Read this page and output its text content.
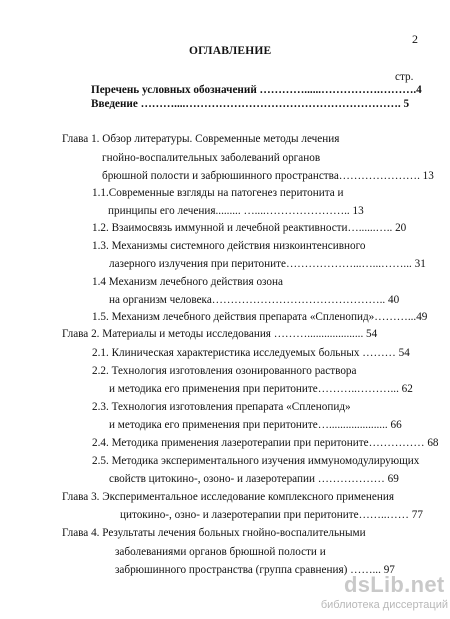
2
ОГЛАВЛЕНИЕ
стр.
Перечень условных обозначений …………......…………….……….4
Введение ………....…………………………………………………. 5
Глава 1. Обзор литературы. Современные методы лечения
гнойно-воспалительных заболеваний органов
брюшной полости и забрюшинного пространства…………………. 13
1.1.Современные взгляды на патогенез перитонита и
принципы его лечения......... …....………………….. 13
1.2. Взаимосвязь иммунной и лечебной реактивности…......….. 20
1.3. Механизмы системного действия низкоинтенсивного
лазерного излучения при перитоните………………...…...……... 31
1.4 Механизм лечебного действия озона
на организм человека……………………………………….. 40
1.5. Механизм лечебного действия препарата «Спленопид»………...49
Глава 2. Материалы и методы исследования ……….................... 54
2.1. Клиническая характеристика исследуемых больных ……… 54
2.2. Технология изготовления озонированного раствора
и методика его применения при перитоните………..………... 62
2.3. Технология изготовления препарата «Спленопид»
и методика его применения при перитоните…..................... 66
2.4. Методика применения лазеротерапии при перитоните…………… 68
2.5. Методика экспериментального изучения иммуномодулирующих
свойств цитокино-, озоно- и лазеротерапии ……………… 69
Глава 3. Экспериментальное исследование комплексного применения
цитокино-, озно- и лазеротерапии при перитоните……..…… 77
Глава 4. Результаты лечения больных гнойно-воспалительными
заболеваниями органов брюшной полости и
забрюшинного пространства (группа сравнения) ……... 97
dsLib.net
библиотека диссертаций
